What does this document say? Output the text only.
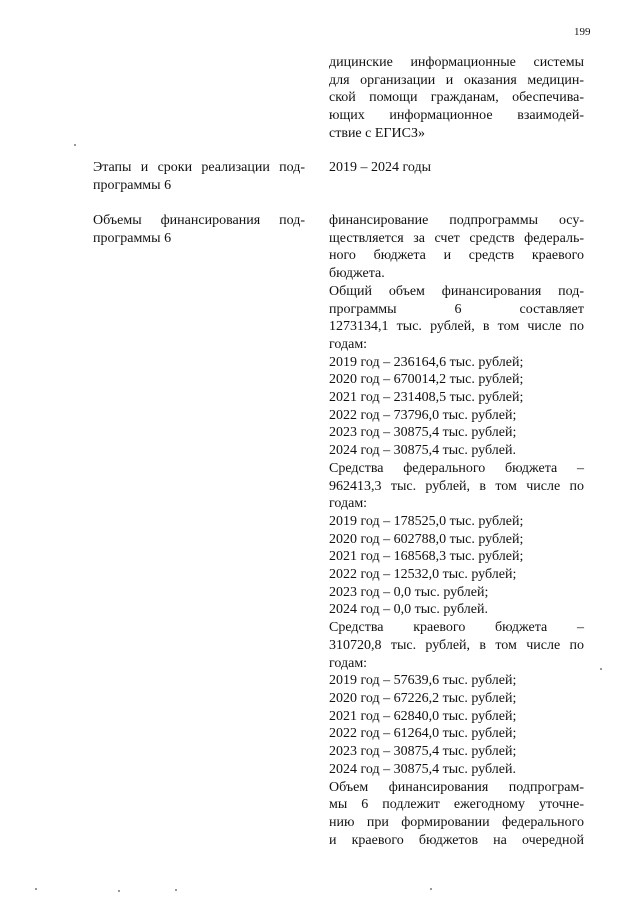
199
дицинские информационные системы
для организации и оказания медицин-
ской помощи гражданам, обеспечива-
ющих информационное взаимодей-
ствие с ЕГИСЗ»
Этапы и сроки реализации под-
программы 6
2019 – 2024 годы
Объемы финансирования под-
программы 6
финансирование подпрограммы осу-
ществляется за счет средств федераль-
ного бюджета и средств краевого
бюджета.
Общий объем финансирования под-
программы 6 составляет
1273134,1 тыс. рублей, в том числе по
годам:
2019 год – 236164,6 тыс. рублей;
2020 год – 670014,2 тыс. рублей;
2021 год – 231408,5 тыс. рублей;
2022 год – 73796,0 тыс. рублей;
2023 год – 30875,4 тыс. рублей;
2024 год – 30875,4 тыс. рублей.
Средства федерального бюджета –
962413,3 тыс. рублей, в том числе по
годам:
2019 год – 178525,0 тыс. рублей;
2020 год – 602788,0 тыс. рублей;
2021 год – 168568,3 тыс. рублей;
2022 год – 12532,0 тыс. рублей;
2023 год – 0,0 тыс. рублей;
2024 год – 0,0 тыс. рублей.
Средства краевого бюджета –
310720,8 тыс. рублей, в том числе по
годам:
2019 год – 57639,6 тыс. рублей;
2020 год – 67226,2 тыс. рублей;
2021 год – 62840,0 тыс. рублей;
2022 год – 61264,0 тыс. рублей;
2023 год – 30875,4 тыс. рублей;
2024 год – 30875,4 тыс. рублей.
Объем финансирования подпрограм-
мы 6 подлежит ежегодному уточне-
нию при формировании федерального
и краевого бюджетов на очередной
